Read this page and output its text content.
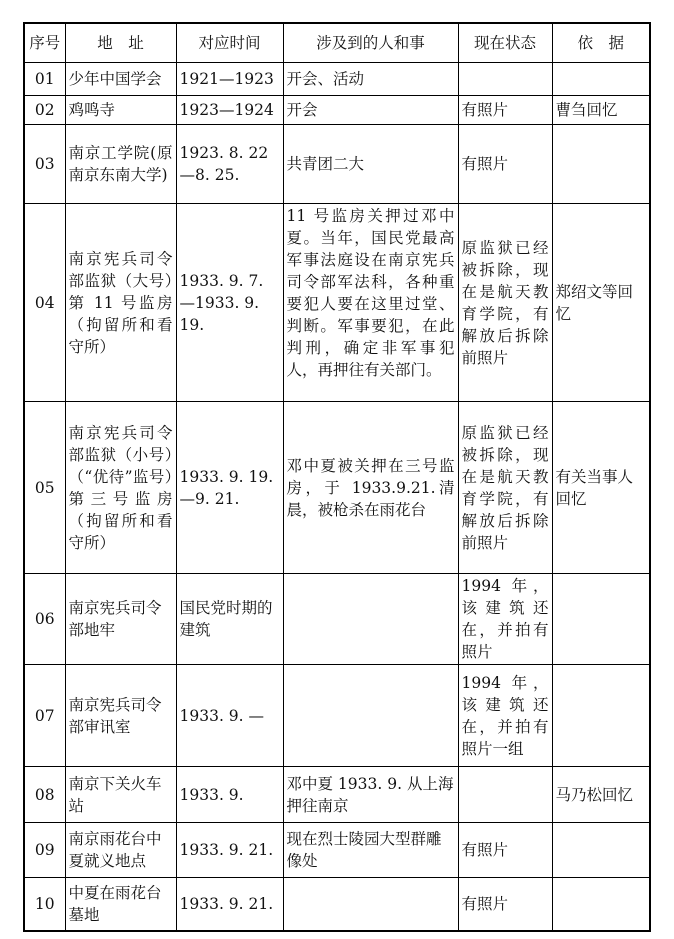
序号	地　址	对应时间	涉及到的人和事	现在状态	依　据
01	少年中国学会	1921—1923	开会、活动		
02	鸡鸣寺	1923—1924	开会	有照片	曹刍回忆
03	南京工学院(原南京东南大学)	1923. 8. 22—8. 25.	共青团二大	有照片	
04	南京宪兵司令部监狱（大号）第 11 号监房（拘留所和看守所）	1933. 9. 7. —1933. 9. 19.	11 号监房关押过邓中夏。当年，国民党最高军事法庭设在南京宪兵司令部军法科，各种重要犯人要在这里过堂、判断。军事要犯，在此判刑，确定非军事犯人，再押往有关部门。	原监狱已经被拆除，现在是航天教育学院，有解放后拆除前照片	郑绍文等回忆
05	南京宪兵司令部监狱（小号）（“优待”监号）第三号监房（拘留所和看守所）	1933. 9. 19. —9. 21.	邓中夏被关押在三号监房，于 1933.9.21.清晨，被枪杀在雨花台	原监狱已经被拆除，现在是航天教育学院，有解放后拆除前照片	有关当事人回忆
06	南京宪兵司令部地牢	国民党时期的建筑		1994 年，该建筑还在，并拍有照片	
07	南京宪兵司令部审讯室	1933. 9. —		1994 年，该建筑还在，并拍有照片一组	
08	南京下关火车站	1933. 9.	邓中夏 1933. 9. 从上海押往南京		马乃松回忆
09	南京雨花台中夏就义地点	1933. 9. 21.	现在烈士陵园大型群雕像处	有照片	
10	中夏在雨花台墓地	1933. 9. 21.		有照片	
